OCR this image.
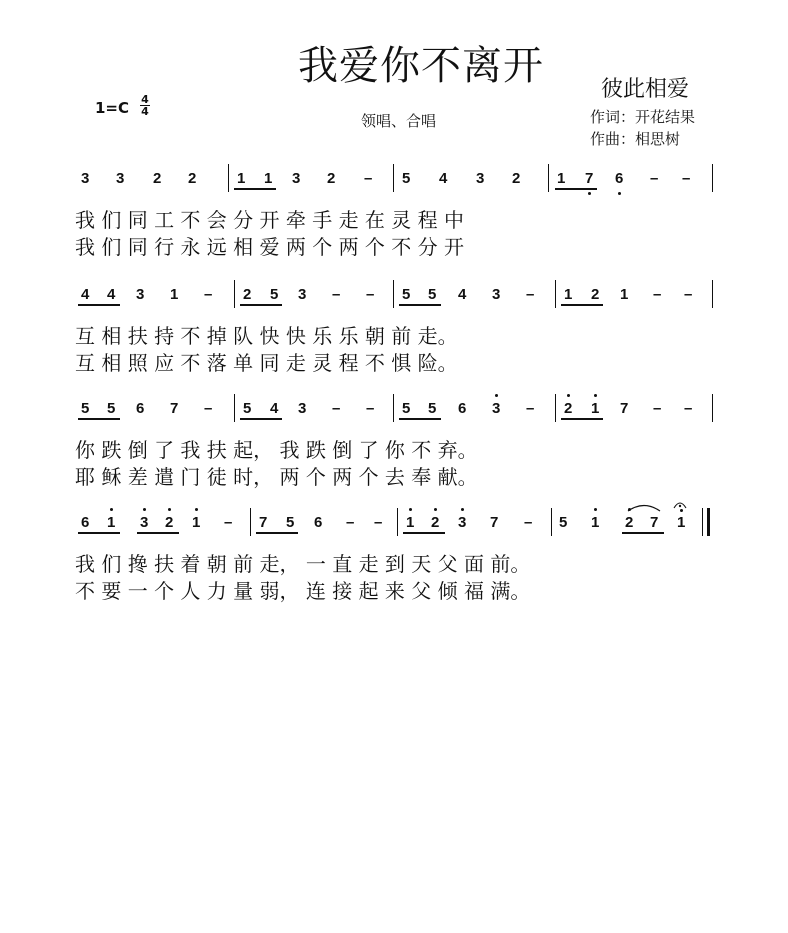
我爱你不离开
彼此相爱
作词：开花结果
作曲：相思树
1=C 4
4
领唱、合唱
3 3 2 2	1 1 3 2 – 5 4 3 2 1 7 6 – –
我 们 同 工 不 会 分 开 牵 手 走 在 灵 程 中
我 们 同 行 永 远 相 爱 两 个 两 个 不 分 开
4 4 3 1 – 2 5 3 – – 5 5 4 3 – 1 2 1 – –
互 相 扶 持 不 掉 队 快 快 乐 乐 朝 前 走。
互 相 照 应 不 落 单 同 走 灵 程 不 惧 险。
5 5 6 7 – 5 4 3 – – 5 5 6 3 – 2 1 7 – –
你 跌 倒 了 我 扶 起， 我 跌 倒 了 你 不 弃。
耶 稣 差 遣 门 徒 时， 两 个 两 个 去 奉 献。
6 1 3 2 1 – 7 5 6 – – 1 2 3 7 – 5 1 2 7 1
我 们 搀 扶 着 朝 前 走， 一 直 走 到 天 父 面 前。
不 要 一 个 人 力 量 弱， 连 接 起 来 父 倾 福 满。
